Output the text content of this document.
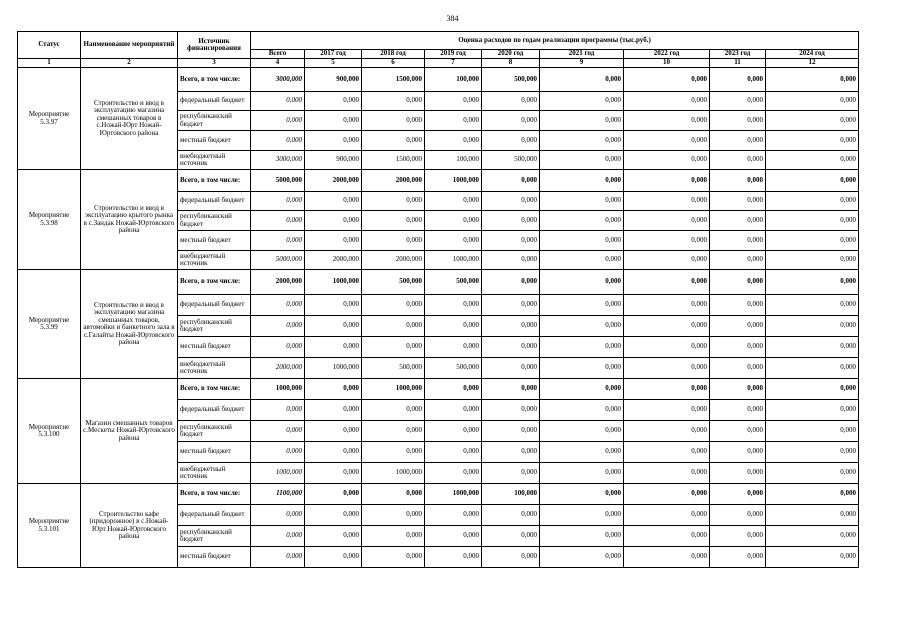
384
Статус	Наименование мероприятий	Источник финансирования	Оценка расходов по годам реализации программы (тыс.руб.)								
			Всего	2017 год	2018 год	2019 год	2020 год	2021 год	2022 год	2023 год	2024 год
1	2	3	4	5	6	7	8	9	10	11	12
Мероприятие 5.3.97	Строительство и ввод в эксплуатацию магазина смешанных товаров в с.Ножай-Юрт Ножай-Юртовского района	Всего, в том числе:	3000,000	900,000	1500,000	100,000	500,000	0,000	0,000	0,000	0,000
		федеральный бюджет	0,000	0,000	0,000	0,000	0,000	0,000	0,000	0,000	0,000
		республиканский бюджет	0,000	0,000	0,000	0,000	0,000	0,000	0,000	0,000	0,000
		местный бюджет	0,000	0,000	0,000	0,000	0,000	0,000	0,000	0,000	0,000
		внебюджетный источник	3000,000	900,000	1500,000	100,000	500,000	0,000	0,000	0,000	0,000
Мероприятие 5.3.98	Строительство и ввод в эксплуатацию крытого рынка в с.Зандак Ножай-Юртовского района	Всего, в том числе:	5000,000	2000,000	2000,000	1000,000	0,000	0,000	0,000	0,000	0,000
		федеральный бюджет	0,000	0,000	0,000	0,000	0,000	0,000	0,000	0,000	0,000
		республиканский бюджет	0,000	0,000	0,000	0,000	0,000	0,000	0,000	0,000	0,000
		местный бюджет	0,000	0,000	0,000	0,000	0,000	0,000	0,000	0,000	0,000
		внебюджетный источник	5000,000	2000,000	2000,000	1000,000	0,000	0,000	0,000	0,000	0,000
Мероприятие 5.3.99	Строительство и ввод в эксплуатацию магазина смешанных товаров, автомойки и банкетного зала в с.Галайты Ножай-Юртовского района	Всего, в том числе:	2000,000	1000,000	500,000	500,000	0,000	0,000	0,000	0,000	0,000
		федеральный бюджет	0,000	0,000	0,000	0,000	0,000	0,000	0,000	0,000	0,000
		республиканский бюджет	0,000	0,000	0,000	0,000	0,000	0,000	0,000	0,000	0,000
		местный бюджет	0,000	0,000	0,000	0,000	0,000	0,000	0,000	0,000	0,000
		внебюджетный источник	2000,000	1000,000	500,000	500,000	0,000	0,000	0,000	0,000	0,000
Мероприятие 5.3.100	Магазин смешанных товаров с.Мескеты Ножай-Юртовского района	Всего, в том числе:	1000,000	0,000	1000,000	0,000	0,000	0,000	0,000	0,000	0,000
		федеральный бюджет	0,000	0,000	0,000	0,000	0,000	0,000	0,000	0,000	0,000
		республиканский бюджет	0,000	0,000	0,000	0,000	0,000	0,000	0,000	0,000	0,000
		местный бюджет	0,000	0,000	0,000	0,000	0,000	0,000	0,000	0,000	0,000
		внебюджетный источник	1000,000	0,000	1000,000	0,000	0,000	0,000	0,000	0,000	0,000
Мероприятие 5.3.101	Строительство кафе (придорожное) в с.Ножай-Юрт Ножай-Юртовского района	Всего, в том числе:	1100,000	0,000	0,000	1000,000	100,000	0,000	0,000	0,000	0,000
		федеральный бюджет	0,000	0,000	0,000	0,000	0,000	0,000	0,000	0,000	0,000
		республиканский бюджет	0,000	0,000	0,000	0,000	0,000	0,000	0,000	0,000	0,000
		местный бюджет	0,000	0,000	0,000	0,000	0,000	0,000	0,000	0,000	0,000
